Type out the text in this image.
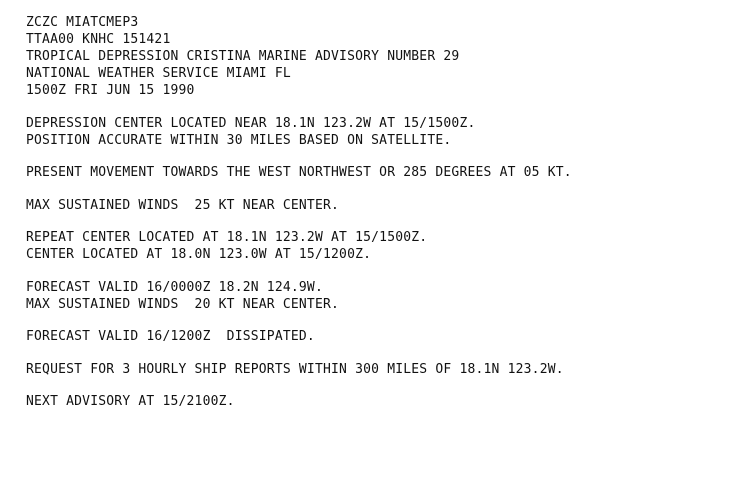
ZCZC MIATCMEP3
TTAA00 KNHC 151421
TROPICAL DEPRESSION CRISTINA MARINE ADVISORY NUMBER 29
NATIONAL WEATHER SERVICE MIAMI FL
1500Z FRI JUN 15 1990
DEPRESSION CENTER LOCATED NEAR 18.1N 123.2W AT 15/1500Z.
POSITION ACCURATE WITHIN 30 MILES BASED ON SATELLITE.
PRESENT MOVEMENT TOWARDS THE WEST NORTHWEST OR 285 DEGREES AT 05 KT.
MAX SUSTAINED WINDS  25 KT NEAR CENTER.
REPEAT CENTER LOCATED AT 18.1N 123.2W AT 15/1500Z.
CENTER LOCATED AT 18.0N 123.0W AT 15/1200Z.
FORECAST VALID 16/0000Z 18.2N 124.9W.
MAX SUSTAINED WINDS  20 KT NEAR CENTER.
FORECAST VALID 16/1200Z  DISSIPATED.
REQUEST FOR 3 HOURLY SHIP REPORTS WITHIN 300 MILES OF 18.1N 123.2W.
NEXT ADVISORY AT 15/2100Z.
